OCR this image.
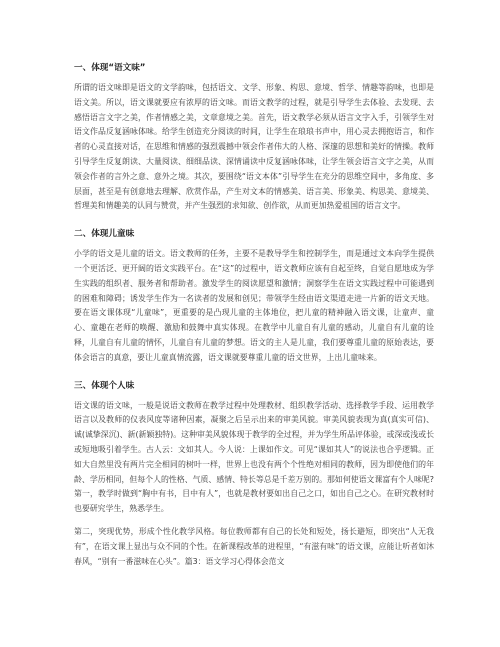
一、体现“语文味”

所谓的语文味即是语文的文学韵味，包括语文、文学、形象、构思、意境、哲学、情趣等韵味，也即是语文美。所以，语文课就要应有浓厚的语文味。而语文教学的过程，就是引导学生去体验、去发现、去感悟语言文字之美，作者情感之美，文章意境之美。首先，语文教学必须从语言文字入手，引领学生对语文作品反复涵咏体味。给学生创造充分阅读的时间，让学生在琅琅书声中，用心灵去拥抱语言，和作者的心灵直接对话，在思维和情感的强烈震撼中领会作者伟大的人格、深邃的思想和美好的情操。教师引导学生反复朗读、大量阅读、细细品读、深情诵读中反复涵咏体味，让学生领会语言文字之美，从而领会作者的言外之意、意外之境。其次，要围绕“语文本体”引导学生在充分的思维空间中，多角度、多层面，甚至是有创意地去理解、欣赏作品，产生对文本的情感美、语言美、形象美、构思美、意境美、哲理美和情趣美的认同与赞赏，并产生强烈的求知欲、创作欲，从而更加热爱祖国的语言文字。

二、体现儿童味

小学的语文是儿童的语文。语文教师的任务，主要不是教导学生和控制学生，而是通过文本向学生提供一个更活泛、更开阔的语文实践平台。在“这”的过程中，语文教师应该有自起至终，自觉自愿地成为学生实践的组织者、服务者和帮助者。激发学生的阅读愿望和激情；洞察学生在语文实践过程中可能遇到的困难和障碍；诱发学生作为一名读者的发展和创见；带领学生经由语文渠道走进一片新的语文天地。要在语文课体现“儿童味”，更重要的是凸现儿童的主体地位，把儿童的精神融入语文课，让童声、童心、童趣在老师的唤醒、激励和鼓舞中真实体现。在教学中儿童自有儿童的感动，儿童自有儿童的诠释，儿童自有儿童的情怀，儿童自有儿童的梦想。语文的主人是儿童，我们要尊重儿童的原始表达，要体会语言的真意，要让儿童真情流露，语文课就要尊重儿童的语文世界，上出儿童味来。

三、体现个人味

语文课的语文味，一般是说语文教师在教学过程中处理教材、组织教学活动、选择教学手段、运用教学语言以及教师的仪表风度等诸种因素，凝聚之后呈示出来的审美风貌。审美风貌表现为真(真实可信)、诚(诚挚深沉)、新(新颖独特)。这种审美风貌体现于教学的全过程，并为学生所品评体验，或深或浅或长或短地吸引着学生。古人云：文如其人。今人说：上课如作文。可见“课如其人”的说法也合乎逻辑。正如大自然里没有两片完全相同的树叶一样，世界上也没有两个个性绝对相同的教师，因为即使他们的年龄、学历相同，但每个人的性格、气质、感情、特长等总是千差万别的。那如何使语文课富有个人味呢?第一，教学时做到“胸中有书，目中有人”，也就是教材要如出自己之口，如出自己之心。在研究教材时也要研究学生，熟悉学生。

第二，突现优势，形成个性化教学风格。每位教师都有自己的长处和短处，扬长避短，即突出“人无我有”，在语文课上显出与众不同的个性。在新课程改革的进程里，“有滋有味”的语文课，应能让听者如沐春风，“别有一番滋味在心头”。篇3：语文学习心得体会范文
